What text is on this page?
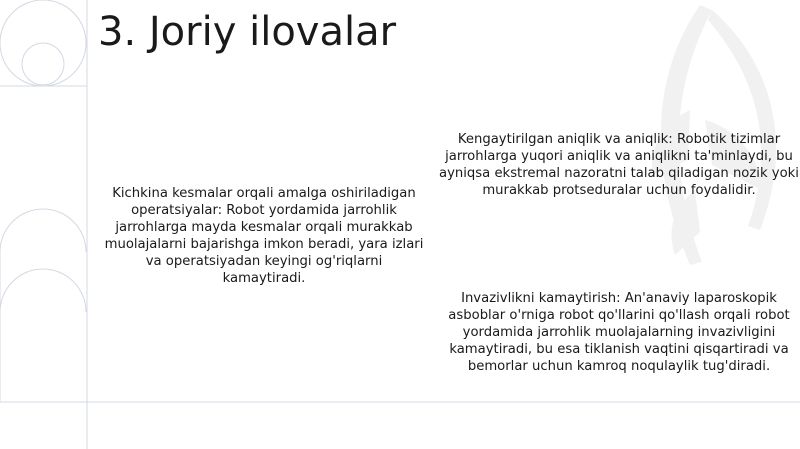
3. Joriy ilovalar

Kichkina kesmalar orqali amalga oshiriladigan operatsiyalar: Robot yordamida jarrohlik jarrohlarga mayda kesmalar orqali murakkab muolajalarni bajarishga imkon beradi, yara izlari va operatsiyadan keyingi og'riqlarni kamaytiradi.

Kengaytirilgan aniqlik va aniqlik: Robotik tizimlar jarrohlarga yuqori aniqlik va aniqlikni ta'minlaydi, bu ayniqsa ekstremal nazoratni talab qiladigan nozik yoki murakkab protseduralar uchun foydalidir.

Invazivlikni kamaytirish: An'anaviy laparoskopik asboblar o'rniga robot qo'llarini qo'llash orqali robot yordamida jarrohlik muolajalarning invazivligini kamaytiradi, bu esa tiklanish vaqtini qisqartiradi va bemorlar uchun kamroq noqulaylik tug'diradi.
